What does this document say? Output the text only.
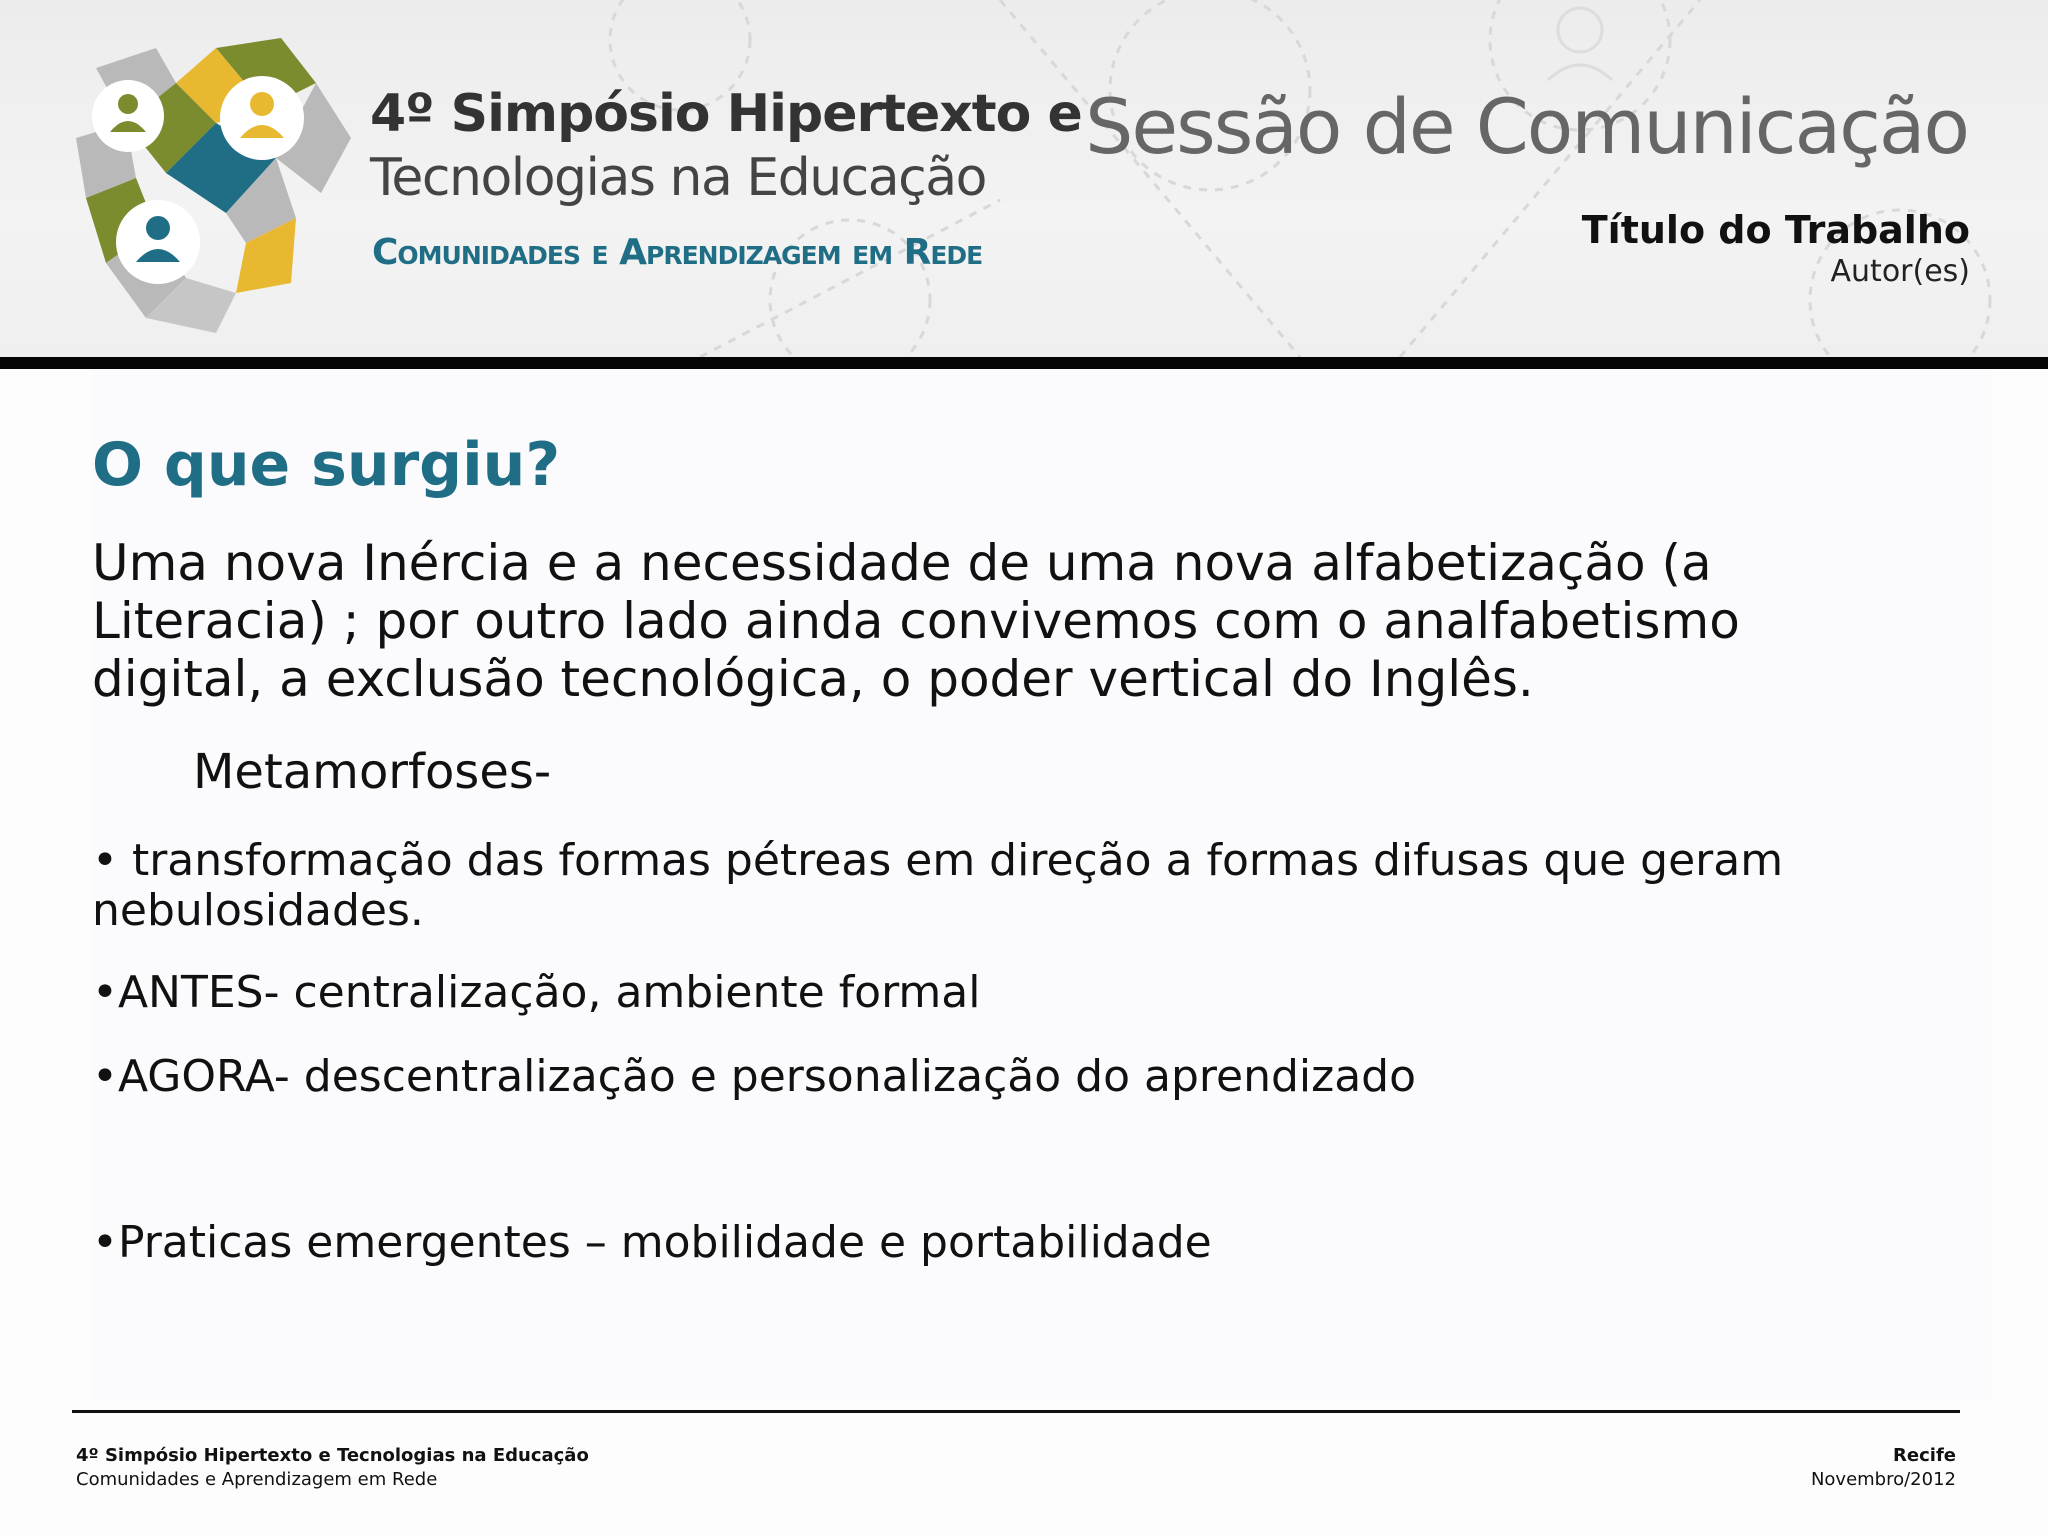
4º Simpósio Hipertexto e
Tecnologias na Educação
Comunidades e Aprendizagem em Rede
Sessão de Comunicação
Título do Trabalho
Autor(es)
O que surgiu?
Uma nova Inércia e a necessidade de uma nova alfabetização (a
Literacia) ; por outro lado ainda convivemos com o analfabetismo
digital, a exclusão tecnológica, o poder vertical do Inglês.
Metamorfoses-
• transformação das formas pétreas em direção a formas difusas que geram
nebulosidades.
•ANTES- centralização, ambiente formal
•AGORA- descentralização e personalização do aprendizado
•Praticas emergentes – mobilidade e portabilidade
4º Simpósio Hipertexto e Tecnologias na Educação
Comunidades e Aprendizagem em Rede
Recife
Novembro/2012
